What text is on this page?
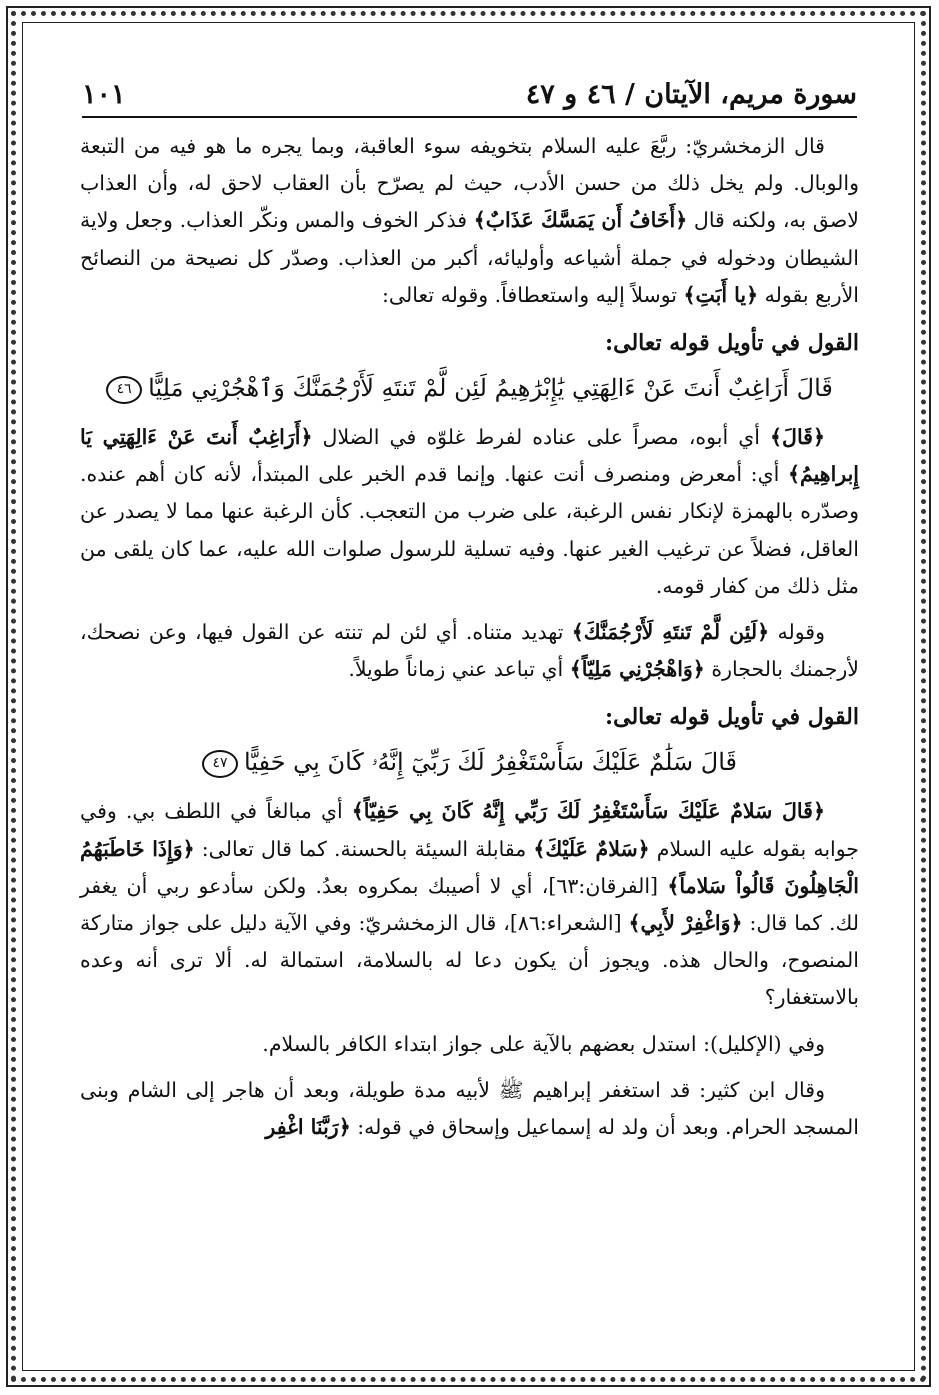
سورة مريم، الآيتان / ٤٦ و ٤٧
١٠١

قال الزمخشريّ: ربَّعَ عليه السلام بتخويفه سوء العاقبة، وبما يجره ما هو فيه من التبعة والوبال. ولم يخل ذلك من حسن الأدب، حيث لم يصرّح بأن العقاب لاحق له، وأن العذاب لاصق به، ولكنه قال ﴿أَخَافُ أَن يَمَسَّكَ عَذَابٌ﴾ فذكر الخوف والمس ونكّر العذاب. وجعل ولاية الشيطان ودخوله في جملة أشياعه وأوليائه، أكبر من العذاب. وصدّر كل نصيحة من النصائح الأربع بقوله ﴿يا أَبَتِ﴾ توسلاً إليه واستعطافاً. وقوله تعالى:

القول في تأويل قوله تعالى:

قَالَ أَرَاغِبٌ أَنتَ عَنْ ءَالِهَتِي يَٰإِبْرَٰهِيمُ لَئِن لَّمْ تَنتَهِ لَأَرْجُمَنَّكَ وَٱهْجُرْنِي مَلِيًّا٤٦

﴿قَالَ﴾ أي أبوه، مصراً على عناده لفرط غلوّه في الضلال ﴿أَرَاغِبٌ أَنتَ عَنْ ءَالِهَتِي يَا إِبراهِيمُ﴾ أي: أمعرض ومنصرف أنت عنها. وإنما قدم الخبر على المبتدأ، لأنه كان أهم عنده. وصدّره بالهمزة لإنكار نفس الرغبة، على ضرب من التعجب. كأن الرغبة عنها مما لا يصدر عن العاقل، فضلاً عن ترغيب الغير عنها. وفيه تسلية للرسول صلوات الله عليه، عما كان يلقى من مثل ذلك من كفار قومه.

وقوله ﴿لَئِن لَّمْ تَنتَهِ لَأَرْجُمَنَّكَ﴾ تهديد متناه. أي لئن لم تنته عن القول فيها، وعن نصحك، لأرجمنك بالحجارة ﴿وَاهْجُرْنِي مَلِيّاً﴾ أي تباعد عني زماناً طويلاً.

القول في تأويل قوله تعالى:

قَالَ سَلَٰمٌ عَلَيْكَ سَأَسْتَغْفِرُ لَكَ رَبِّيٓ إِنَّهُۥ كَانَ بِي حَفِيًّا٤٧

﴿قَالَ سَلامٌ عَلَيْكَ سَأَسْتَغْفِرُ لَكَ رَبِّي إِنَّهُ كَانَ بِي حَفِيّاً﴾ أي مبالغاً في اللطف بي. وفي جوابه بقوله عليه السلام ﴿سَلامٌ عَلَيْكَ﴾ مقابلة السيئة بالحسنة. كما قال تعالى: ﴿وَإِذَا خَاطَبَهُمُ الْجَاهِلُونَ قَالُواْ سَلاماً﴾ [الفرقان:٦٣]، أي لا أصيبك بمكروه بعدُ. ولكن سأدعو ربي أن يغفر لك. كما قال: ﴿وَاغْفِرْ لأَبِي﴾ [الشعراء:٨٦]، قال الزمخشريّ: وفي الآية دليل على جواز متاركة المنصوح، والحال هذه. ويجوز أن يكون دعا له بالسلامة، استمالة له. ألا ترى أنه وعده بالاستغفار؟

وفي (الإكليل): استدل بعضهم بالآية على جواز ابتداء الكافر بالسلام.

وقال ابن كثير: قد استغفر إبراهيم ﷺ لأبيه مدة طويلة، وبعد أن هاجر إلى الشام وبنى المسجد الحرام. وبعد أن ولد له إسماعيل وإسحاق في قوله: ﴿رَبَّنَا اغْفِر
